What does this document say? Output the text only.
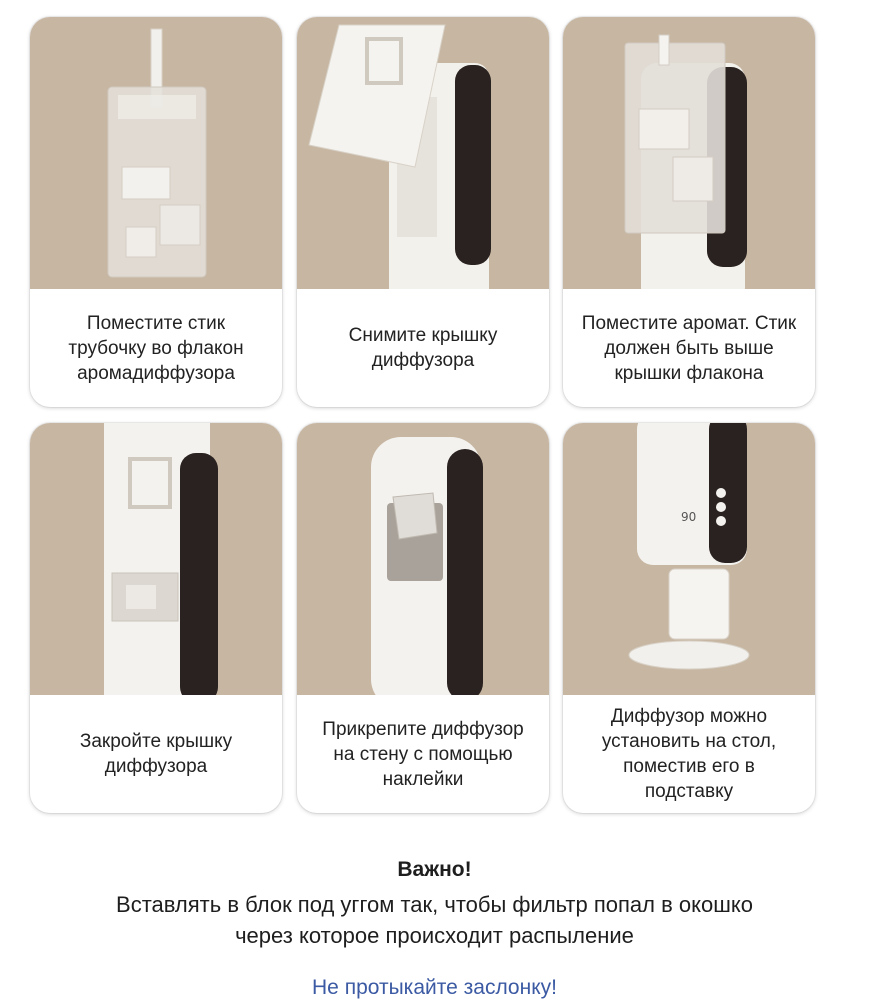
Поместите стик
трубочку во флакон
аромадиффузора
Снимите крышку
диффузора
Поместите аромат. Стик
должен быть выше
крышки флакона
Закройте крышку
диффузора
Прикрепите диффузор
на стену с помощью
наклейки
90
Диффузор можно
установить на стол,
поместив его в подставку
Важно!
Вставлять в блок под уггом так, чтобы фильтр попал в окошко
через которое происходит распыление
Не протыкайте заслонку!
